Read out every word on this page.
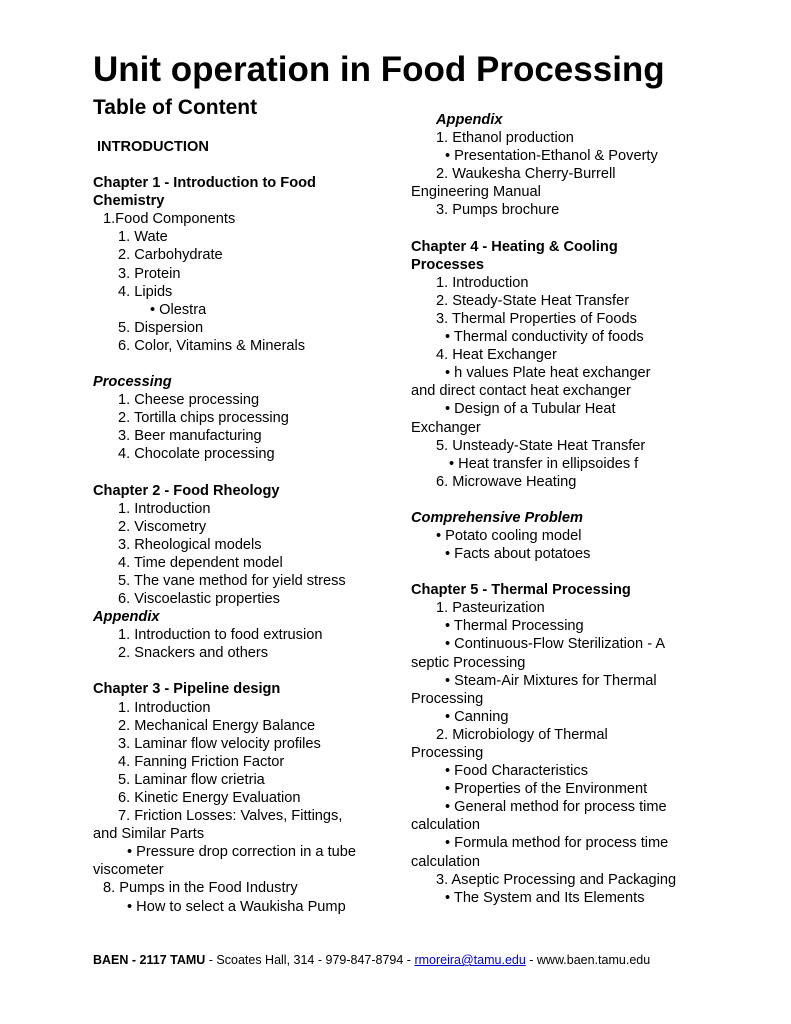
Unit operation in Food Processing
Table of Content
INTRODUCTION
Chapter 1 - Introduction to Food
Chemistry
1.Food Components
1. Wate
2. Carbohydrate
3. Protein
4. Lipids
• Olestra
5. Dispersion
6. Color, Vitamins & Minerals
Processing
1. Cheese processing
2. Tortilla chips processing
3. Beer manufacturing
4. Chocolate processing
Chapter 2 - Food Rheology
1. Introduction
2. Viscometry
3. Rheological models
4. Time dependent model
5. The vane method for yield stress
6. Viscoelastic properties
Appendix
1. Introduction to food extrusion
2. Snackers and others
Chapter 3 - Pipeline design
1. Introduction
2. Mechanical Energy Balance
3. Laminar flow velocity profiles
4. Fanning Friction Factor
5. Laminar flow crietria
6. Kinetic Energy Evaluation
7. Friction Losses: Valves, Fittings,
and Similar Parts
• Pressure drop correction in a tube
viscometer
8. Pumps in the Food Industry
• How to select a Waukisha Pump
Appendix
1. Ethanol production
• Presentation-Ethanol & Poverty
2. Waukesha Cherry-Burrell
Engineering Manual
3. Pumps brochure
Chapter 4 - Heating & Cooling
Processes
1. Introduction
2. Steady-State Heat Transfer
3. Thermal Properties of Foods
• Thermal conductivity of foods
4. Heat Exchanger
• h values Plate heat exchanger
and direct contact heat exchanger
• Design of a Tubular Heat
Exchanger
5. Unsteady-State Heat Transfer
• Heat transfer in ellipsoides f
6. Microwave Heating
Comprehensive Problem
• Potato cooling model
• Facts about potatoes
Chapter 5 - Thermal Processing
1. Pasteurization
• Thermal Processing
• Continuous-Flow Sterilization - A
septic Processing
• Steam-Air Mixtures for Thermal
Processing
• Canning
2. Microbiology of Thermal
Processing
• Food Characteristics
• Properties of the Environment
• General method for process time
calculation
• Formula method for process time
calculation
3. Aseptic Processing and Packaging
• The System and Its Elements
BAEN - 2117 TAMU - Scoates Hall, 314 - 979-847-8794 - rmoreira@tamu.edu - www.baen.tamu.edu
